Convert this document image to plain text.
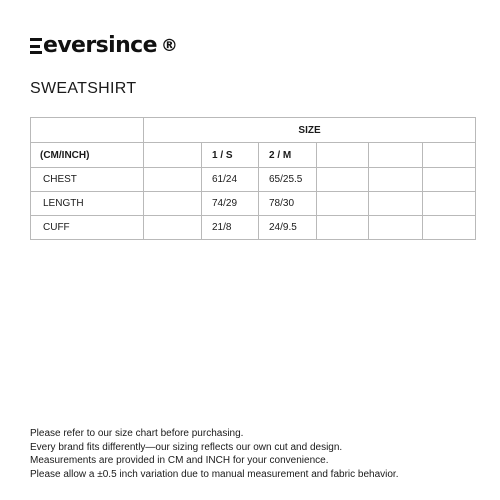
eversince ®
SWEATSHIRT
	SIZE					
(CM/INCH)		1 / S	2 / M			
CHEST		61/24	65/25.5			
LENGTH		74/29	78/30			
CUFF		21/8	24/9.5			
Please refer to our size chart before purchasing.
Every brand fits differently—our sizing reflects our own cut and design.
Measurements are provided in CM and INCH for your convenience.
Please allow a ±0.5 inch variation due to manual measurement and fabric behavior.
